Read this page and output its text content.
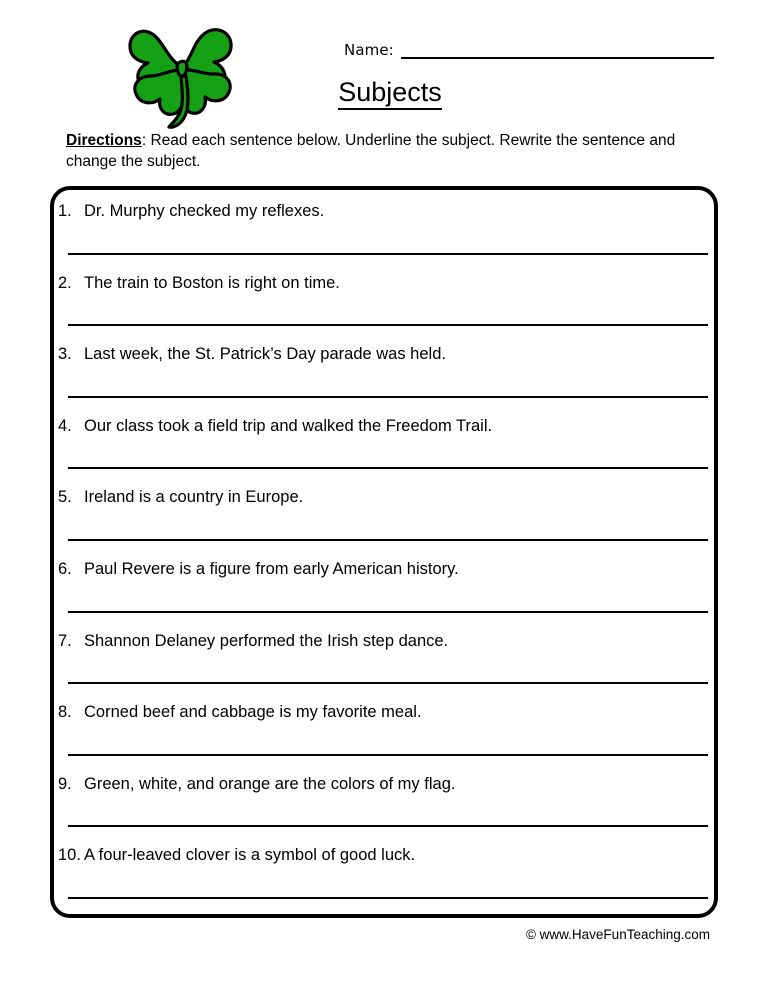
Name:
Subjects
Directions: Read each sentence below. Underline the subject. Rewrite the sentence and change the subject.
1. Dr. Murphy checked my reflexes.
2. The train to Boston is right on time.
3. Last week, the St. Patrick’s Day parade was held.
4. Our class took a field trip and walked the Freedom Trail.
5. Ireland is a country in Europe.
6. Paul Revere is a figure from early American history.
7. Shannon Delaney performed the Irish step dance.
8. Corned beef and cabbage is my favorite meal.
9. Green, white, and orange are the colors of my flag.
10. A four-leaved clover is a symbol of good luck.
© www.HaveFunTeaching.com
